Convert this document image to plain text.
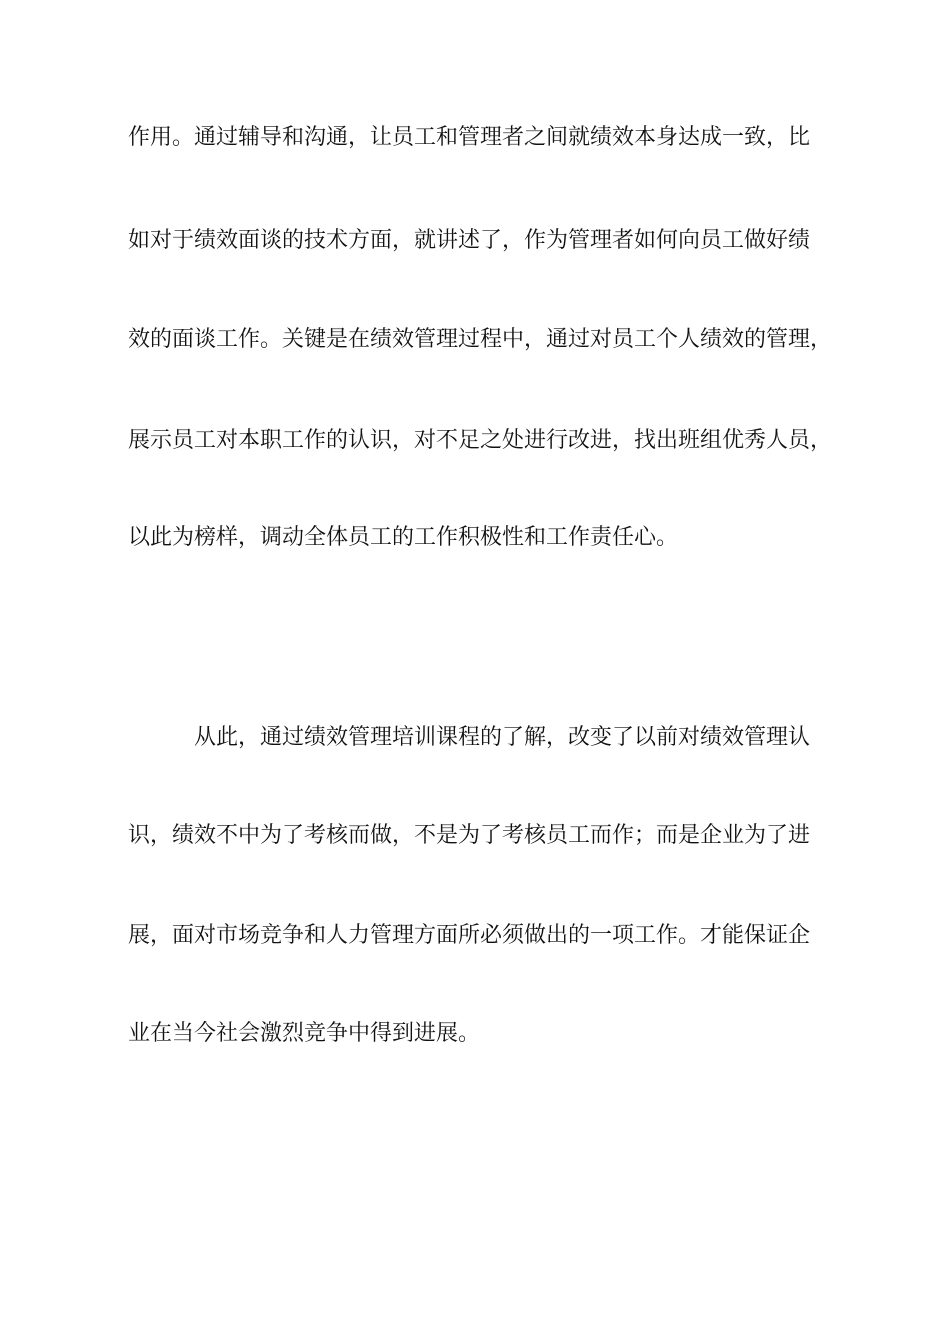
作用。通过辅导和沟通，让员工和管理者之间就绩效本身达成一致，比
如对于绩效面谈的技术方面，就讲述了，作为管理者如何向员工做好绩
效的面谈工作。关键是在绩效管理过程中，通过对员工个人绩效的管理，
展示员工对本职工作的认识，对不足之处进行改进，找出班组优秀人员，
以此为榜样，调动全体员工的工作积极性和工作责任心。
从此，通过绩效管理培训课程的了解，改变了以前对绩效管理认
识，绩效不中为了考核而做，不是为了考核员工而作；而是企业为了进
展，面对市场竞争和人力管理方面所必须做出的一项工作。才能保证企
业在当今社会激烈竞争中得到进展。
